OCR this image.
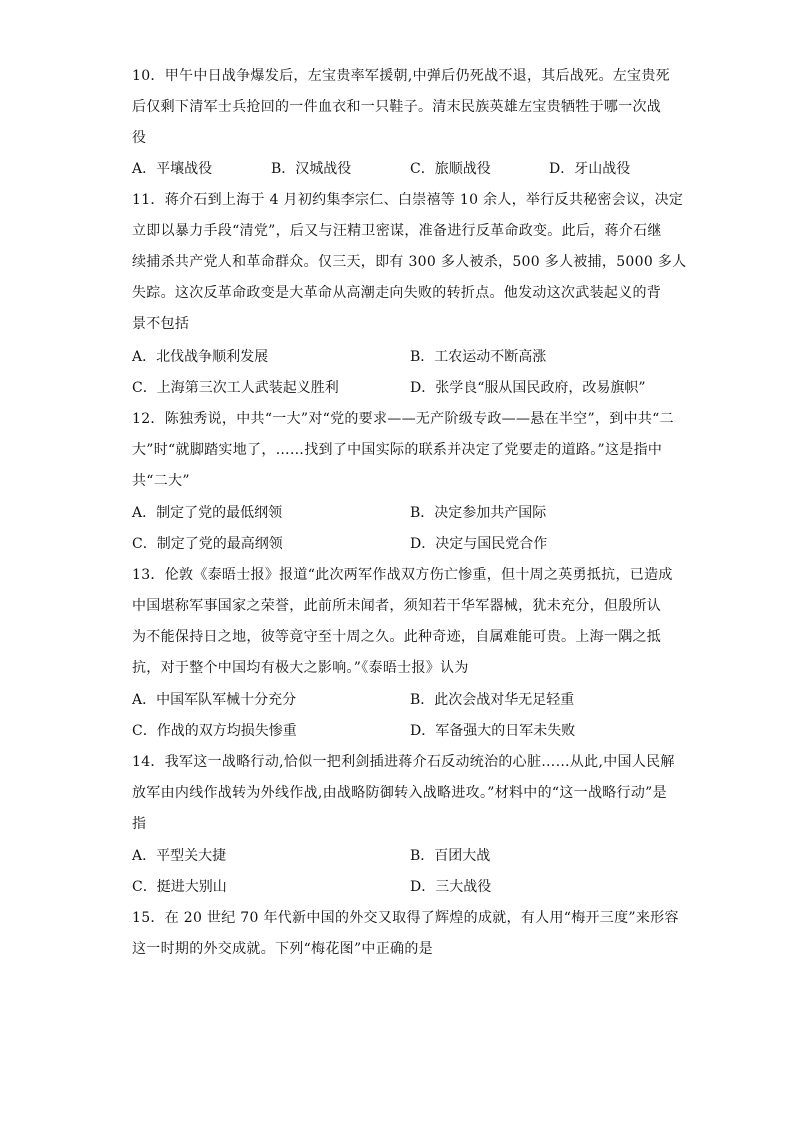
10．甲午中日战争爆发后，左宝贵率军援朝,中弹后仍死战不退，其后战死。左宝贵死
后仅剩下清军士兵抢回的一件血衣和一只鞋子。清末民族英雄左宝贵牺牲于哪一次战
役
A．平壤战役	B．汉城战役	C．旅顺战役	D．牙山战役
11．蒋介石到上海于 4 月初约集李宗仁、白崇禧等 10 余人，举行反共秘密会议，决定
立即以暴力手段“清党”，后又与汪精卫密谋，准备进行反革命政变。此后，蒋介石继
续捕杀共产党人和革命群众。仅三天，即有 300 多人被杀，500 多人被捕，5000 多人
失踪。这次反革命政变是大革命从高潮走向失败的转折点。他发动这次武装起义的背
景不包括
A．北伐战争顺利发展	B．工农运动不断高涨
C．上海第三次工人武装起义胜利	D．张学良“服从国民政府，改易旗帜”
12．陈独秀说，中共“一大”对“党的要求——无产阶级专政——悬在半空”，到中共“二
大”时“就脚踏实地了，……找到了中国实际的联系并决定了党要走的道路。”这是指中
共“二大”
A．制定了党的最低纲领	B．决定参加共产国际
C．制定了党的最高纲领	D．决定与国民党合作
13．伦敦《泰晤士报》报道“此次两军作战双方伤亡惨重，但十周之英勇抵抗，已造成
中国堪称军事国家之荣誉，此前所未闻者，须知若干华军器械，犹未充分，但殷所认
为不能保持日之地，彼等竟守至十周之久。此种奇迹，自属难能可贵。上海一隅之抵
抗，对于整个中国均有极大之影响。”《泰晤士报》认为
A．中国军队军械十分充分	B．此次会战对华无足轻重
C．作战的双方均损失惨重	D．军备强大的日军未失败
14．我军这一战略行动,恰似一把利剑插进蒋介石反动统治的心脏……从此,中国人民解
放军由内线作战转为外线作战,由战略防御转入战略进攻。”材料中的“这一战略行动”是
指
A．平型关大捷	B．百团大战
C．挺进大别山	D．三大战役
15．在 20 世纪 70 年代新中国的外交又取得了辉煌的成就，有人用“梅开三度”来形容
这一时期的外交成就。下列“梅花图”中正确的是
